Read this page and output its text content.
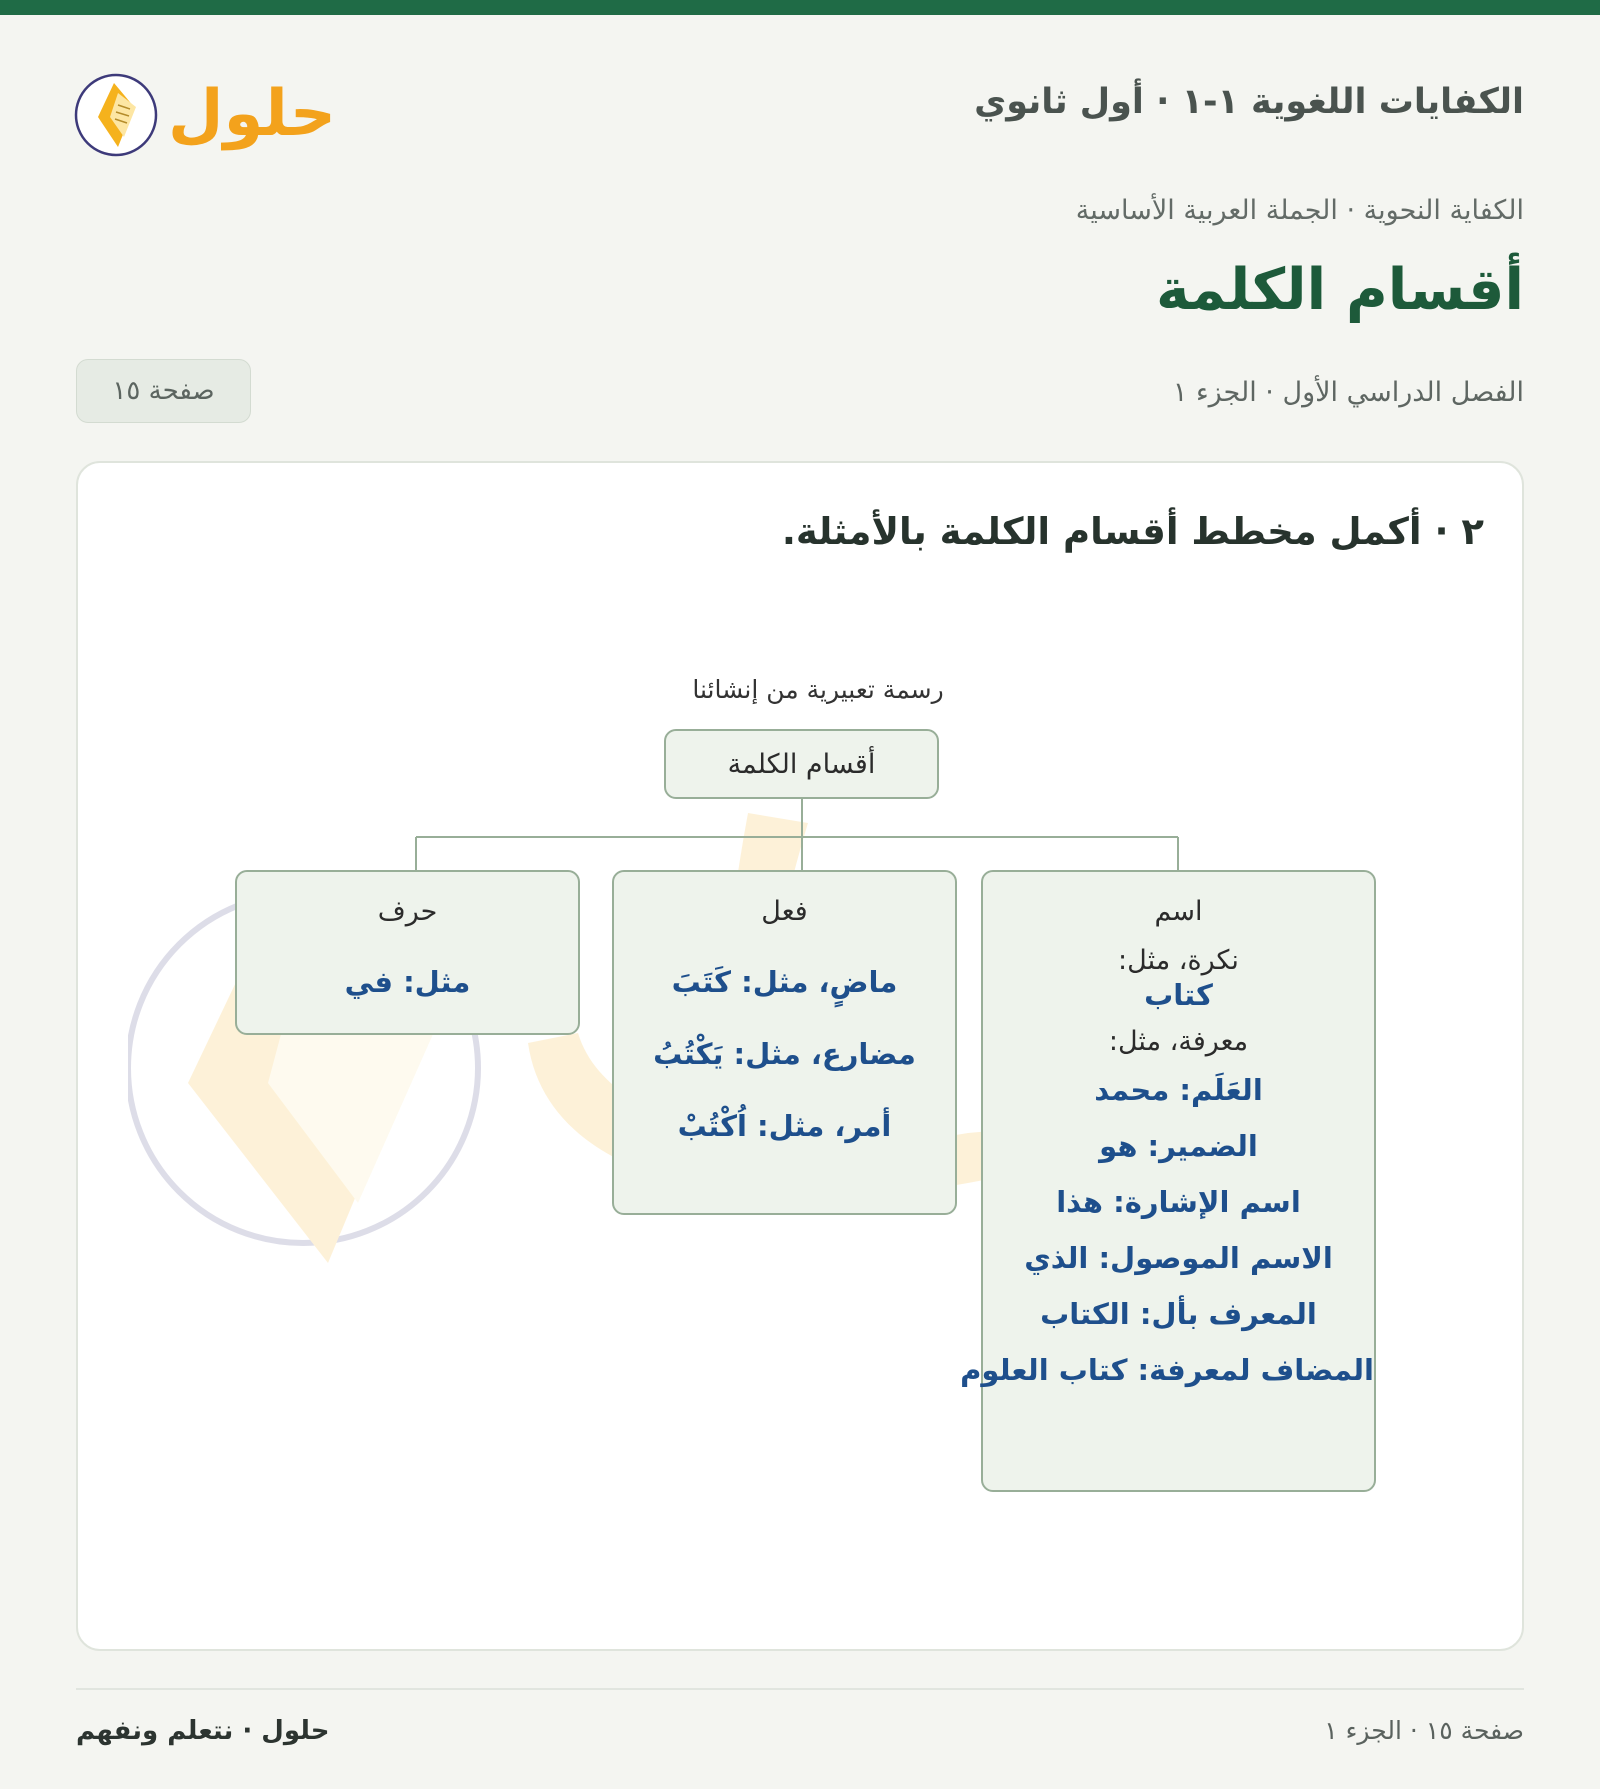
حلول	الكفايات اللغوية ١-١ · أول ثانوي
الكفاية النحوية · الجملة العربية الأساسية
أقسام الكلمة
الفصل الدراسي الأول · الجزء ١
صفحة ١٥
٢ · أكمل مخطط أقسام الكلمة بالأمثلة.
رسمة تعبيرية من إنشائنا
أقسام الكلمة
اسم
نكرة، مثل:
كتاب
معرفة، مثل:
العَلَم: محمد
الضمير: هو
اسم الإشارة: هذا
الاسم الموصول: الذي
المعرف بأل: الكتاب
المضاف لمعرفة: كتاب العلوم
فعل
ماضٍ، مثل: كَتَبَ
مضارع، مثل: يَكْتُبُ
أمر، مثل: اُكْتُبْ
حرف
مثل: في
صفحة ١٥ · الجزء ١
حلول · نتعلم ونفهم
